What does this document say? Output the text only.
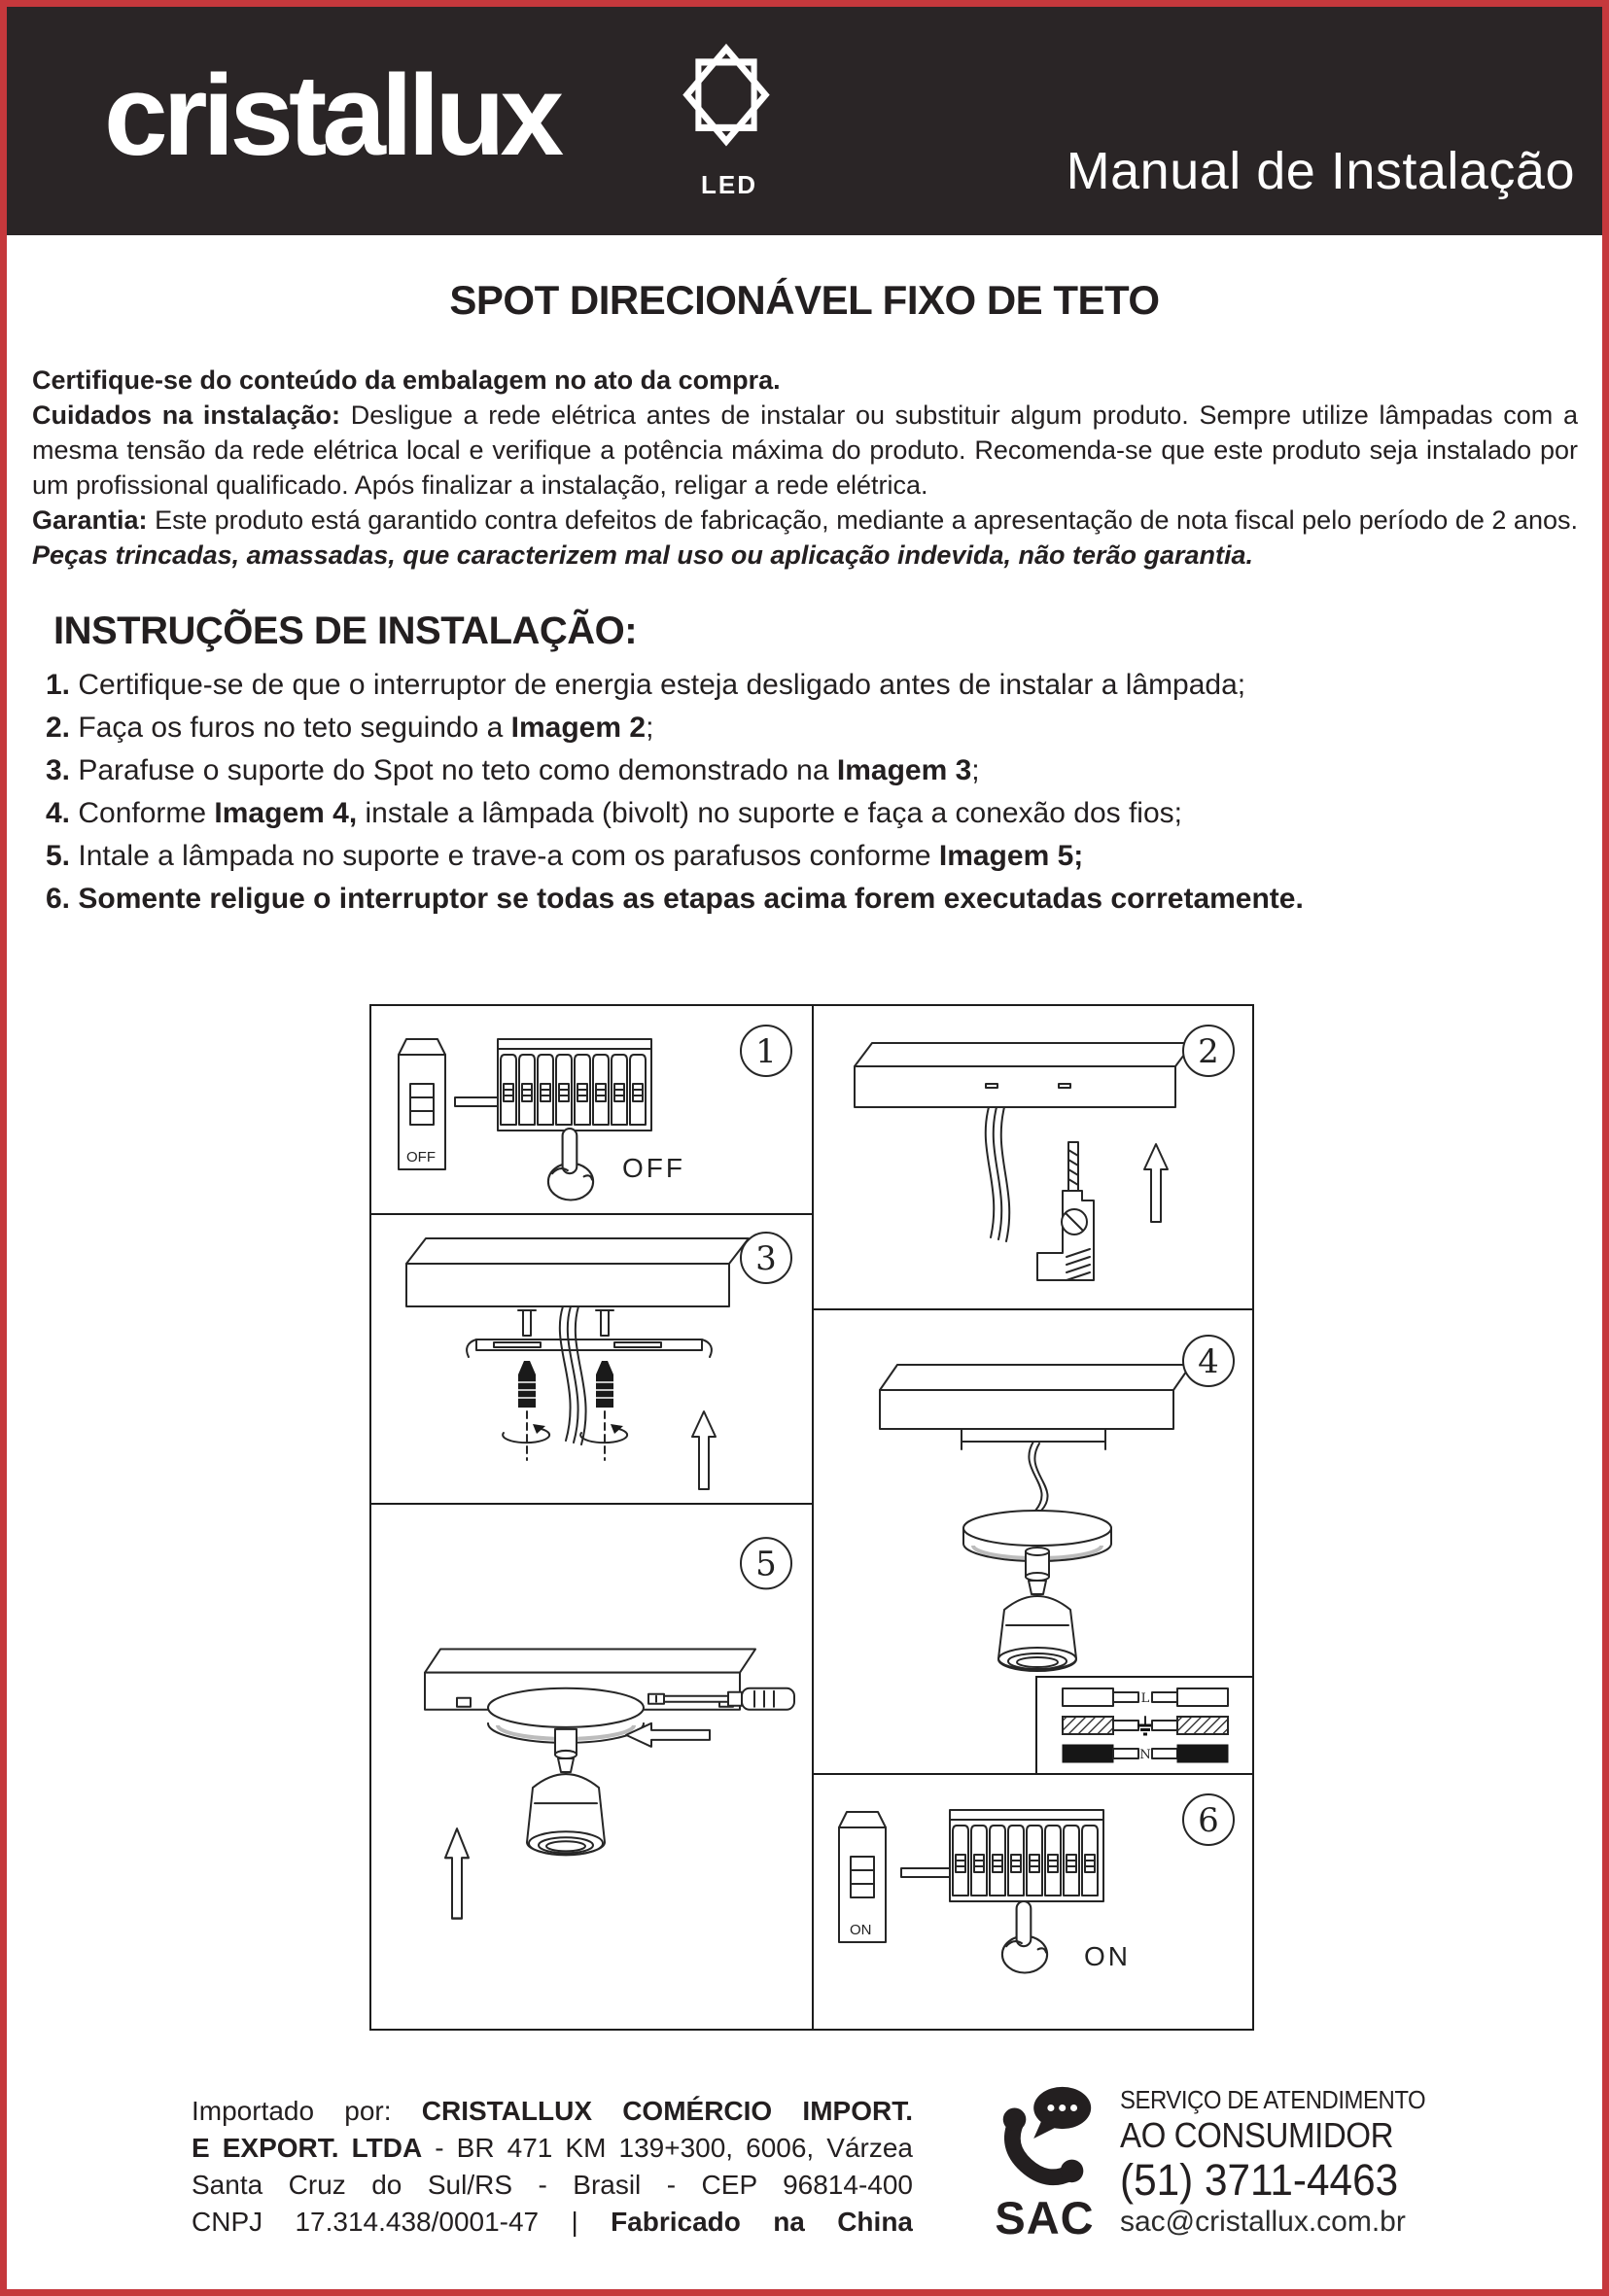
cristallux
LED	Manual de Instalação
SPOT DIRECIONÁVEL FIXO DE TETO
Certifique-se do conteúdo da embalagem no ato da compra.
Cuidados na instalação: Desligue a rede elétrica antes de instalar ou substituir algum produto. Sempre utilize lâmpadas com a mesma tensão da rede elétrica local e verifique a potência máxima do produto. Recomenda-se que este produto seja instalado por um profissional qualificado. Após finalizar a instalação, religar a rede elétrica.
Garantia: Este produto está garantido contra defeitos de fabricação, mediante a apresentação de nota fiscal pelo período de 2 anos. Peças trincadas, amassadas, que caracterizem mal uso ou aplicação indevida, não terão garantia.
INSTRUÇÕES DE INSTALAÇÃO:
1. Certifique-se de que o interruptor de energia esteja desligado antes de instalar a lâmpada;
2. Faça os furos no teto seguindo a Imagem 2;
3. Parafuse o suporte do Spot no teto como demonstrado na Imagem 3;
4. Conforme Imagem 4, instale a lâmpada (bivolt) no suporte e faça a conexão dos fios;
5. Intale a lâmpada no suporte e trave-a com os parafusos conforme Imagem 5;
6. Somente religue o interruptor se todas as etapas acima forem executadas corretamente.
OFF	OFF
1	2
3
4
L
N
5
ON
ON
6
Importado por: CRISTALLUX COMÉRCIO IMPORT.
E EXPORT. LTDA - BR 471 KM 139+300, 6006, Várzea
Santa Cruz do Sul/RS - Brasil - CEP 96814-400
CNPJ 17.314.438/0001-47 | Fabricado na China	SAC
SERVIÇO DE ATENDIMENTO
AO CONSUMIDOR
(51) 3711-4463
sac@cristallux.com.br
